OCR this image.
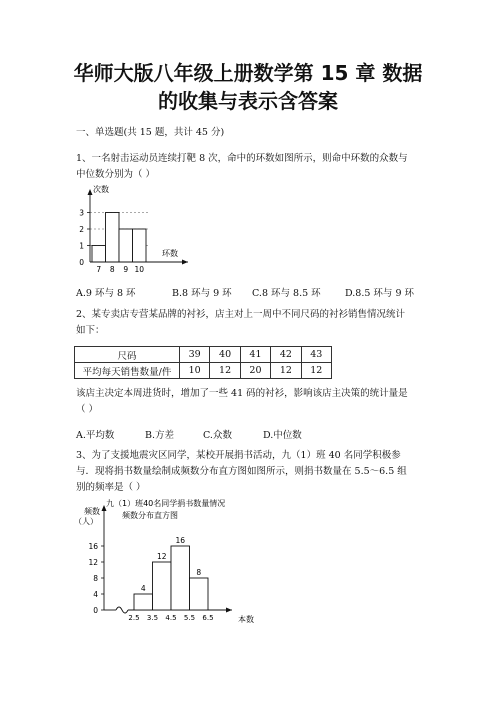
华师大版八年级上册数学第 15 章 数据
的收集与表示含答案
一、单选题(共 15 题，共计 45 分)
1、一名射击运动员连续打靶 8 次，命中的环数如图所示，则命中环数的众数与
中位数分别为（ ）
0
1
2
3
7 8 9 10
次数
环数
A.9 环与 8 环	B.8 环与 9 环 C.8 环与 8.5 环	D.8.5 环与 9 环
2、某专卖店专营某品牌的衬衫，店主对上一周中不同尺码的衬衫销售情况统计
如下：
尺码	39	40	41	42	43
平均每天销售数量/件	10	12	20	12	12
该店主决定本周进货时，增加了一些 41 码的衬衫，影响该店主决策的统计量是
（ ）
A.平均数	B.方差	C.众数	D.中位数
3、为了支援地震灾区同学，某校开展捐书活动，九（1）班 40 名同学积极参
与．现将捐书数量绘制成频数分布直方图如图所示，则捐书数量在 5.5～6.5 组
别的频率是（ ）
九（1）班40名同学捐书数量情况
频数分布直方图
频数
（人）
0
4
8
12
16
4
12
16
8
2.5 3.5 4.5 5.5 6.5	本数
